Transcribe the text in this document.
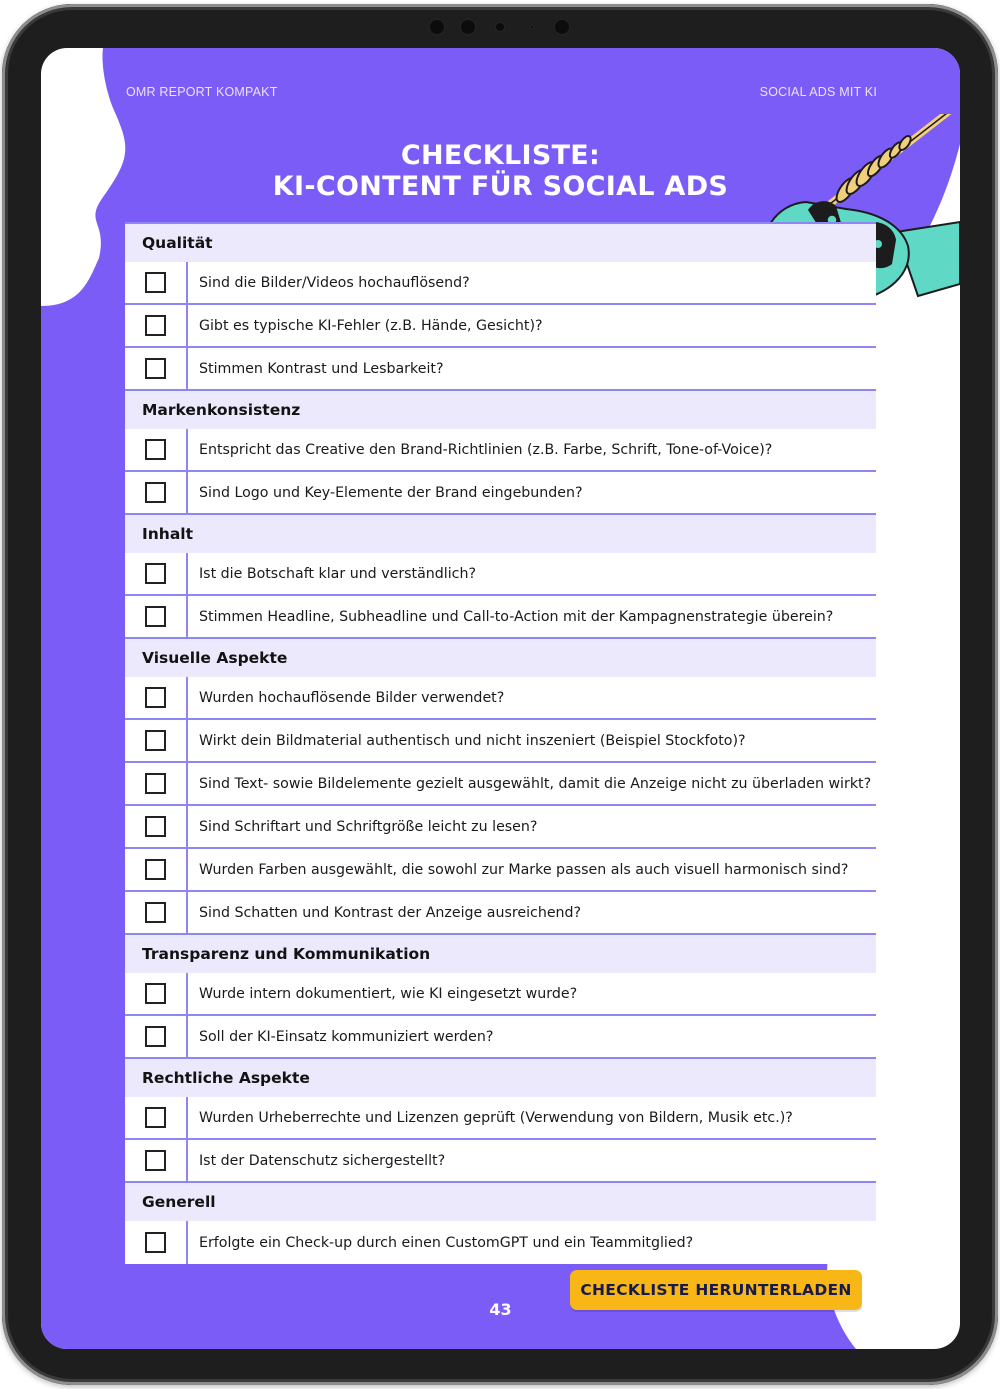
OMR REPORT KOMPAKT	SOCIAL ADS MIT KI
CHECKLISTE:
KI-CONTENT FÜR SOCIAL ADS
Qualität
Sind die Bilder/Videos hochauflösend?
Gibt es typische KI-Fehler (z.B. Hände, Gesicht)?
Stimmen Kontrast und Lesbarkeit?
Markenkonsistenz
Entspricht das Creative den Brand-Richtlinien (z.B. Farbe, Schrift, Tone-of-Voice)?
Sind Logo und Key-Elemente der Brand eingebunden?
Inhalt
Ist die Botschaft klar und verständlich?
Stimmen Headline, Subheadline und Call-to-Action mit der Kampagnenstrategie überein?
Visuelle Aspekte
Wurden hochauflösende Bilder verwendet?
Wirkt dein Bildmaterial authentisch und nicht inszeniert (Beispiel Stockfoto)?
Sind Text- sowie Bildelemente gezielt ausgewählt, damit die Anzeige nicht zu überladen wirkt?
Sind Schriftart und Schriftgröße leicht zu lesen?
Wurden Farben ausgewählt, die sowohl zur Marke passen als auch visuell harmonisch sind?
Sind Schatten und Kontrast der Anzeige ausreichend?
Transparenz und Kommunikation
Wurde intern dokumentiert, wie KI eingesetzt wurde?
Soll der KI-Einsatz kommuniziert werden?
Rechtliche Aspekte
Wurden Urheberrechte und Lizenzen geprüft (Verwendung von Bildern, Musik etc.)?
Ist der Datenschutz sichergestellt?
Generell
Erfolgte ein Check-up durch einen CustomGPT und ein Teammitglied?
CHECKLISTE HERUNTERLADEN
43
